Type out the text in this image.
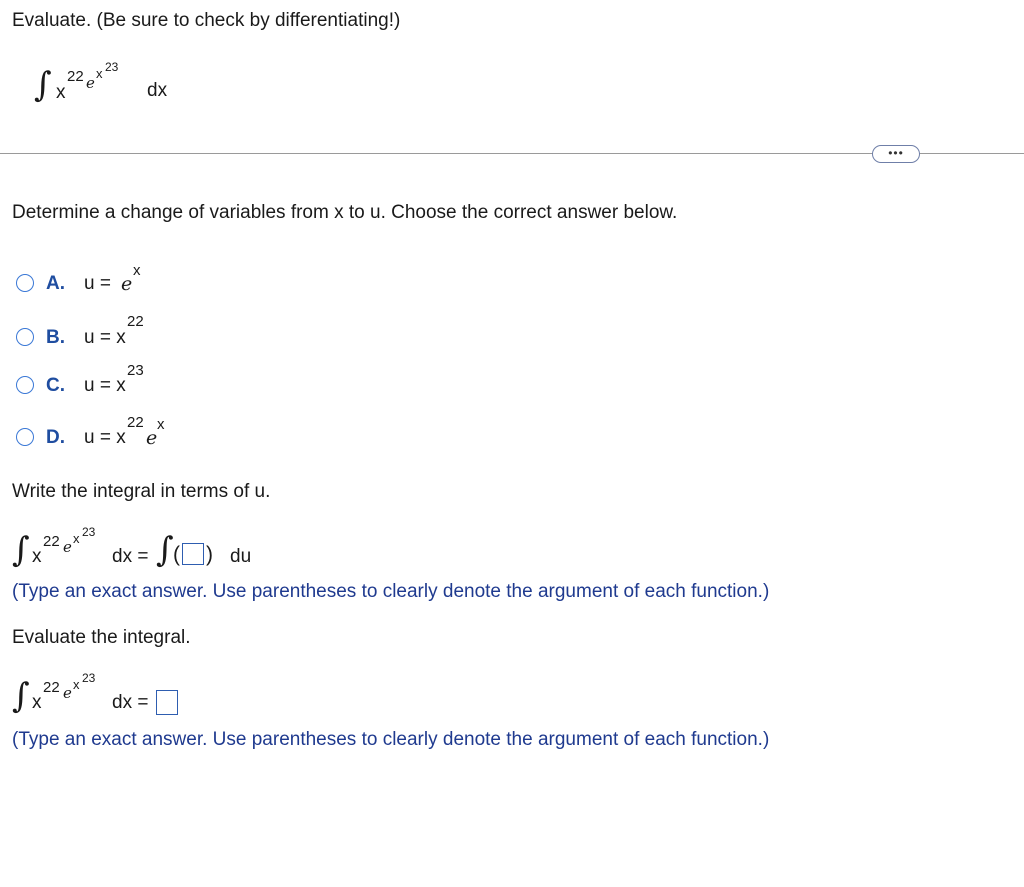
Evaluate. (Be sure to check by differentiating!)
∫ x
22 e
x 23
dx
•••
Determine a change of variables from x to u. Choose the correct answer below.
A. u = e
x
B. u = x
22
C. u = x
23
D. u = x
22
e
x
Write the integral in terms of u.
∫ x
22 e x 23
dx = ∫ ( ) du
(Type an exact answer. Use parentheses to clearly denote the argument of each function.)
Evaluate the integral.
∫ x
22 e x 23
dx =
(Type an exact answer. Use parentheses to clearly denote the argument of each function.)
